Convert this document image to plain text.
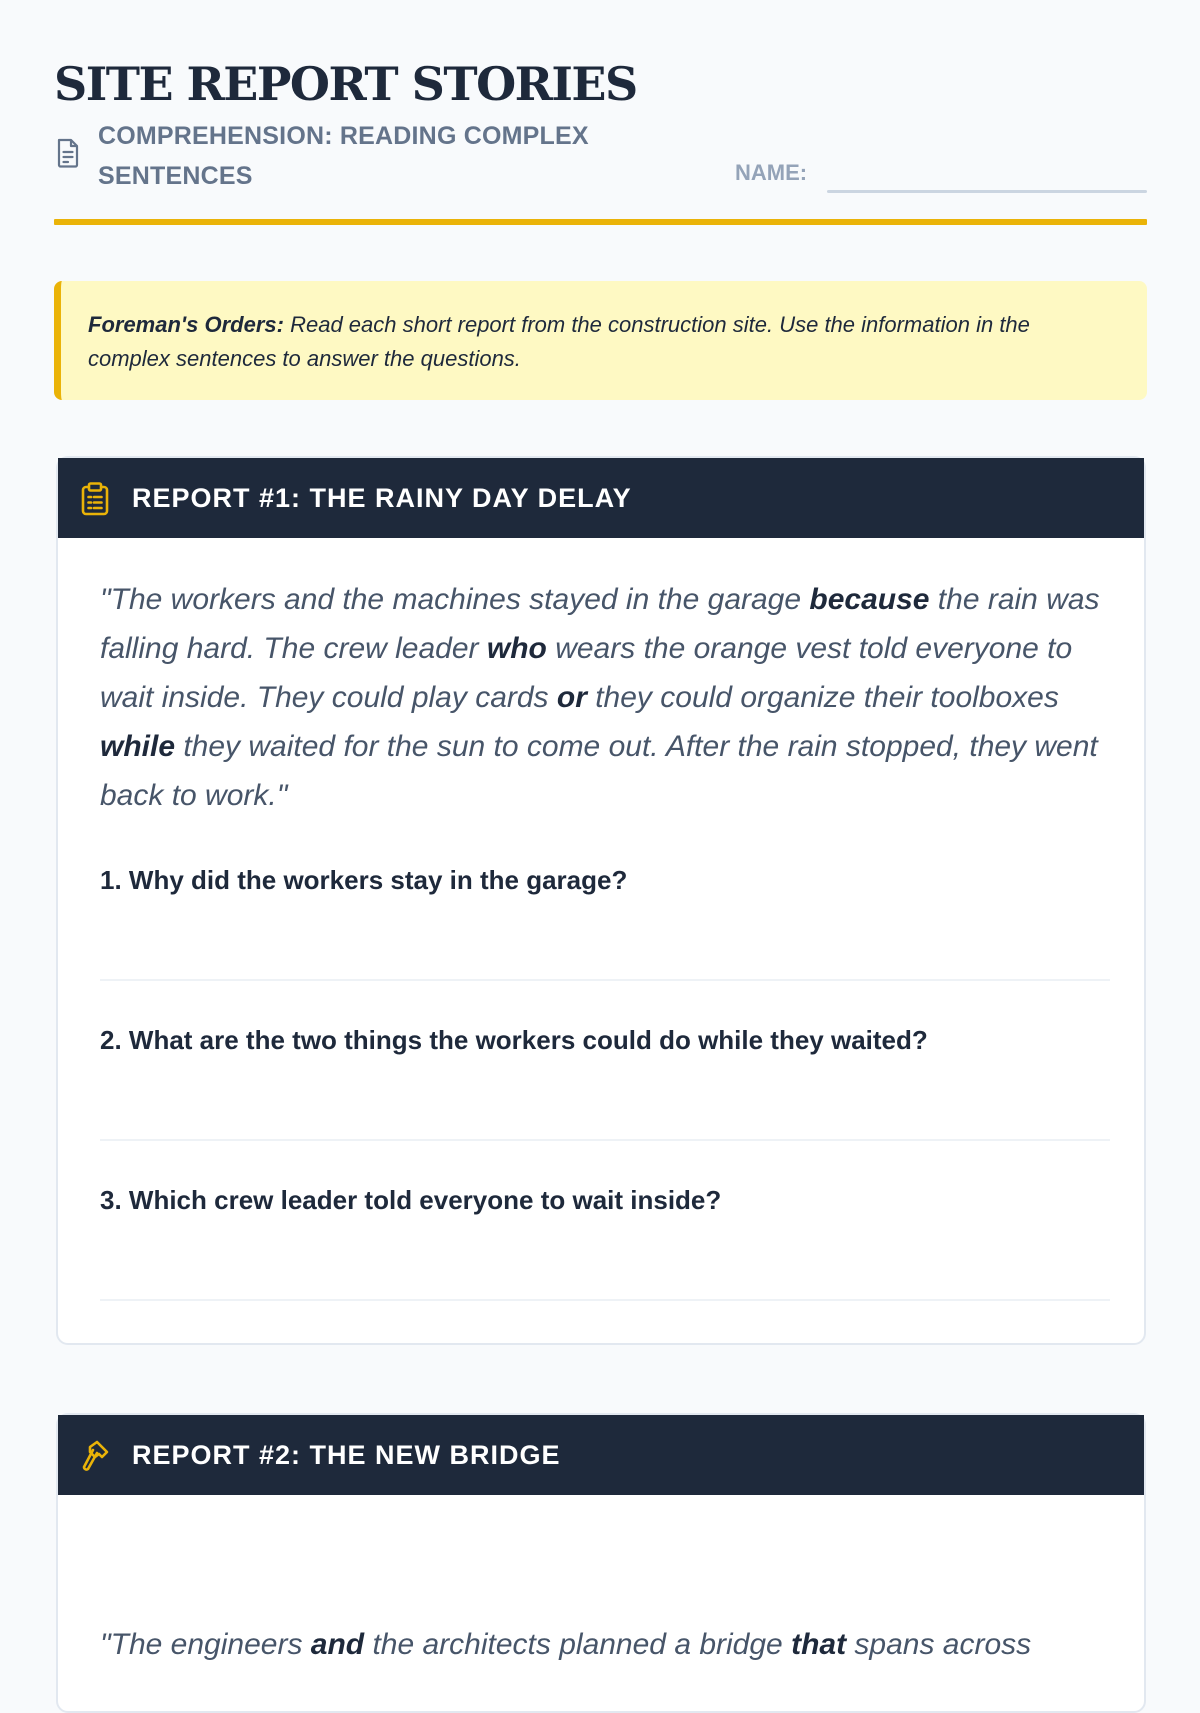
SITE REPORT STORIES
COMPREHENSION: READING COMPLEX SENTENCES	NAME:
Foreman's Orders: Read each short report from the construction site. Use the information in the complex sentences to answer the questions.
REPORT #1: THE RAINY DAY DELAY

"The workers and the machines stayed in the garage because the rain was falling hard. The crew leader who wears the orange vest told everyone to wait inside. They could play cards or they could organize their toolboxes while they waited for the sun to come out. After the rain stopped, they went back to work."

1. Why did the workers stay in the garage?
2. What are the two things the workers could do while they waited?
3. Which crew leader told everyone to wait inside?
REPORT #2: THE NEW BRIDGE

"The engineers and the architects planned a bridge that spans across
